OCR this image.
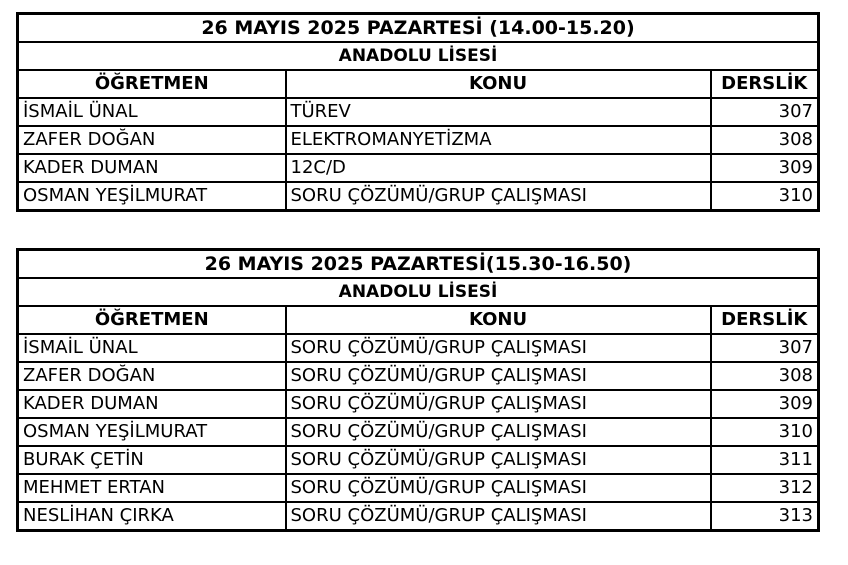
26 MAYIS 2025 PAZARTESİ (14.00-15.20)		
ANADOLU LİSESİ		
ÖĞRETMEN	KONU	DERSLİK
İSMAİL ÜNAL	TÜREV	307
ZAFER DOĞAN	ELEKTROMANYETİZMA	308
KADER DUMAN	12C/D	309
OSMAN YEŞİLMURAT	SORU ÇÖZÜMÜ/GRUP ÇALIŞMASI	310
26 MAYIS 2025 PAZARTESİ(15.30-16.50)		
ANADOLU LİSESİ		
ÖĞRETMEN	KONU	DERSLİK
İSMAİL ÜNAL	SORU ÇÖZÜMÜ/GRUP ÇALIŞMASI	307
ZAFER DOĞAN	SORU ÇÖZÜMÜ/GRUP ÇALIŞMASI	308
KADER DUMAN	SORU ÇÖZÜMÜ/GRUP ÇALIŞMASI	309
OSMAN YEŞİLMURAT	SORU ÇÖZÜMÜ/GRUP ÇALIŞMASI	310
BURAK ÇETİN	SORU ÇÖZÜMÜ/GRUP ÇALIŞMASI	311
MEHMET ERTAN	SORU ÇÖZÜMÜ/GRUP ÇALIŞMASI	312
NESLİHAN ÇIRKA	SORU ÇÖZÜMÜ/GRUP ÇALIŞMASI	313
